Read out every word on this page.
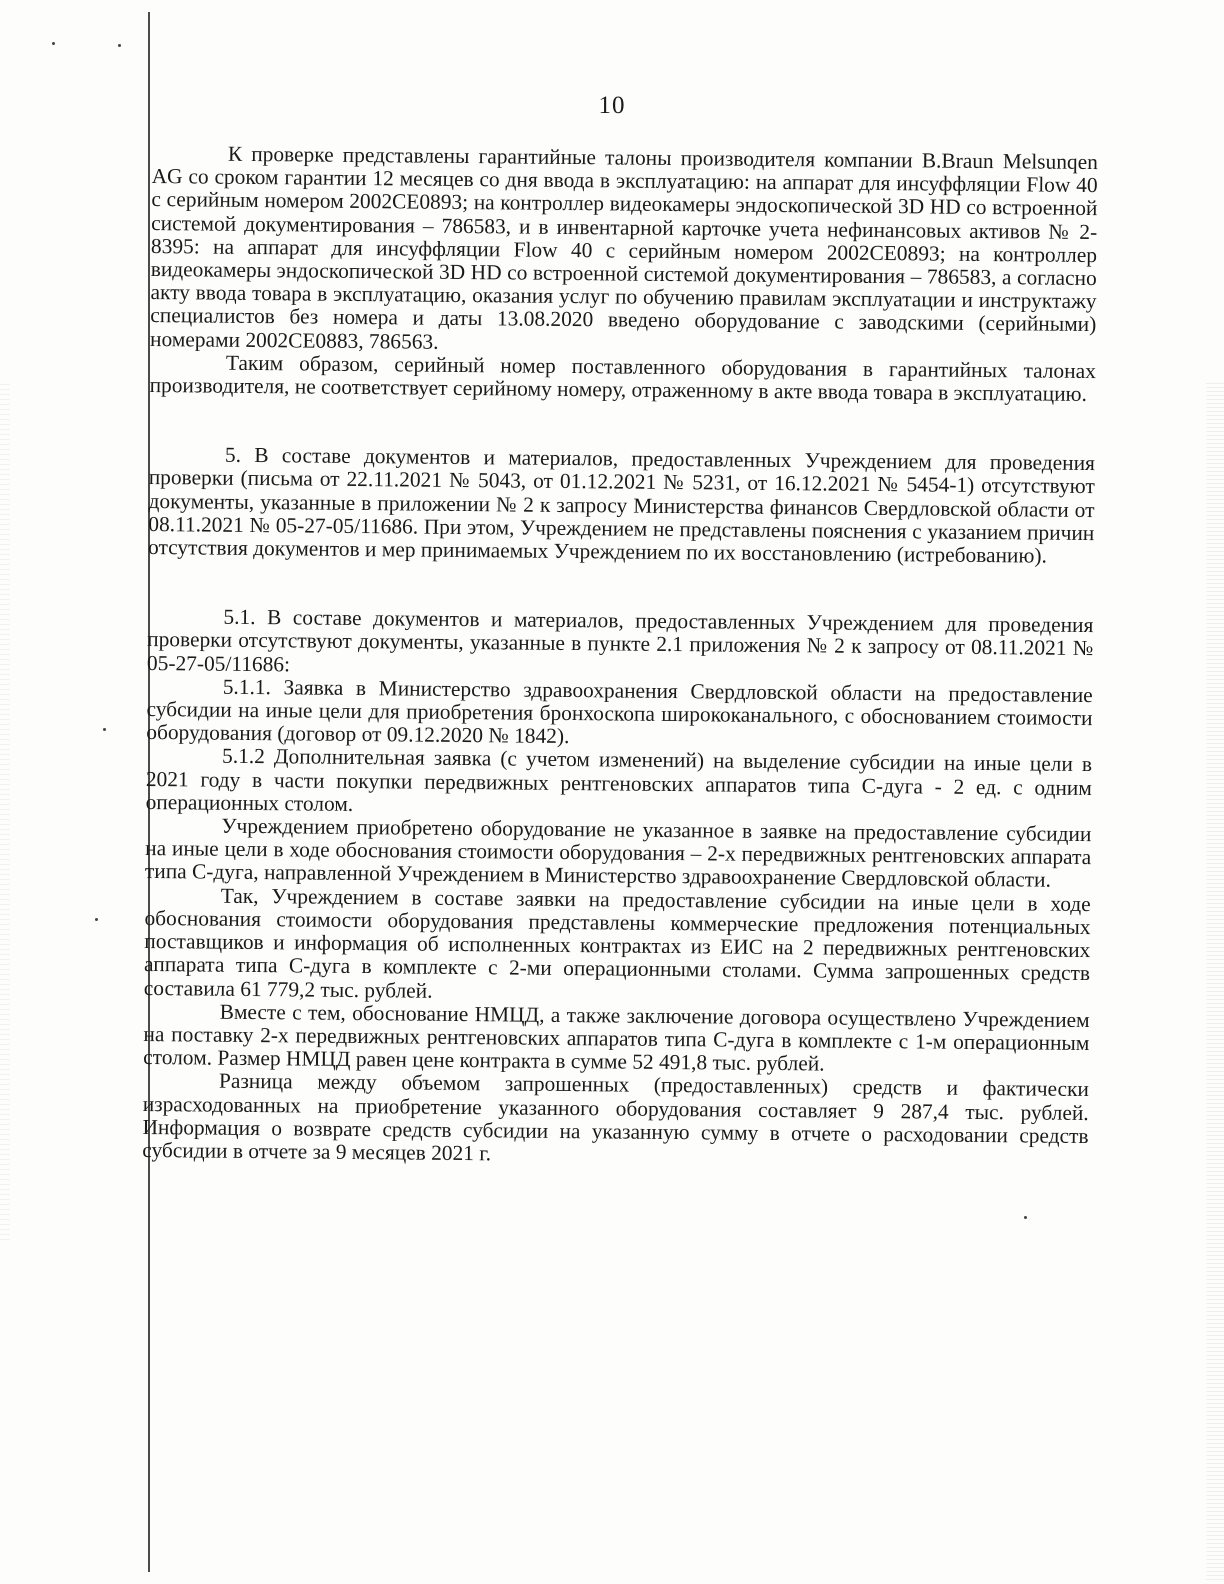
10

К проверке представлены гарантийные талоны производителя компании B.Braun Melsunqen AG со сроком гарантии 12 месяцев со дня ввода в эксплуатацию: на аппарат для инсуффляции Flow 40 с серийным номером 2002CE0893; на контроллер видеокамеры эндоскопической 3D HD со встроенной системой документирования – 786583, и в инвентарной карточке учета нефинансовых активов № 2-8395: на аппарат для инсуффляции Flow 40 с серийным номером 2002CE0893; на контроллер видеокамеры эндоскопической 3D HD со встроенной системой документирования – 786583, а согласно акту ввода товара в эксплуатацию, оказания услуг по обучению правилам эксплуатации и инструктажу специалистов без номера и даты 13.08.2020 введено оборудование с заводскими (серийными) номерами 2002CE0883, 786563.

Таким образом, серийный номер поставленного оборудования в гарантийных талонах производителя, не соответствует серийному номеру, отраженному в акте ввода товара в эксплуатацию.

5. В составе документов и материалов, предоставленных Учреждением для проведения проверки (письма от 22.11.2021 № 5043, от 01.12.2021 № 5231, от 16.12.2021 № 5454-1) отсутствуют документы, указанные в приложении № 2 к запросу Министерства финансов Свердловской области от 08.11.2021 № 05-27-05/11686. При этом, Учреждением не представлены пояснения с указанием причин отсутствия документов и мер принимаемых Учреждением по их восстановлению (истребованию).

5.1. В составе документов и материалов, предоставленных Учреждением для проведения проверки отсутствуют документы, указанные в пункте 2.1 приложения № 2 к запросу от 08.11.2021 № 05-27-05/11686:

5.1.1. Заявка в Министерство здравоохранения Свердловской области на предоставление субсидии на иные цели для приобретения бронхоскопа ширококанального, с обоснованием стоимости оборудования (договор от 09.12.2020 № 1842).

5.1.2 Дополнительная заявка (с учетом изменений) на выделение субсидии на иные цели в 2021 году в части покупки передвижных рентгеновских аппаратов типа С-дуга - 2 ед. с одним операционных столом.

Учреждением приобретено оборудование не указанное в заявке на предоставление субсидии на иные цели в ходе обоснования стоимости оборудования – 2-х передвижных рентгеновских аппарата типа С-дуга, направленной Учреждением в Министерство здравоохранение Свердловской области.

Так, Учреждением в составе заявки на предоставление субсидии на иные цели в ходе обоснования стоимости оборудования представлены коммерческие предложения потенциальных поставщиков и информация об исполненных контрактах из ЕИС на 2 передвижных рентгеновских аппарата типа С-дуга в комплекте с 2-ми операционными столами. Сумма запрошенных средств составила 61 779,2 тыс. рублей.

Вместе с тем, обоснование НМЦД, а также заключение договора осуществлено Учреждением на поставку 2-х передвижных рентгеновских аппаратов типа С-дуга в комплекте с 1-м операционным столом. Размер НМЦД равен цене контракта в сумме 52 491,8 тыс. рублей.

Разница между объемом запрошенных (предоставленных) средств и фактически израсходованных на приобретение указанного оборудования составляет 9 287,4 тыс. рублей. Информация о возврате средств субсидии на указанную сумму в отчете о расходовании средств субсидии в отчете за 9 месяцев 2021 г.
